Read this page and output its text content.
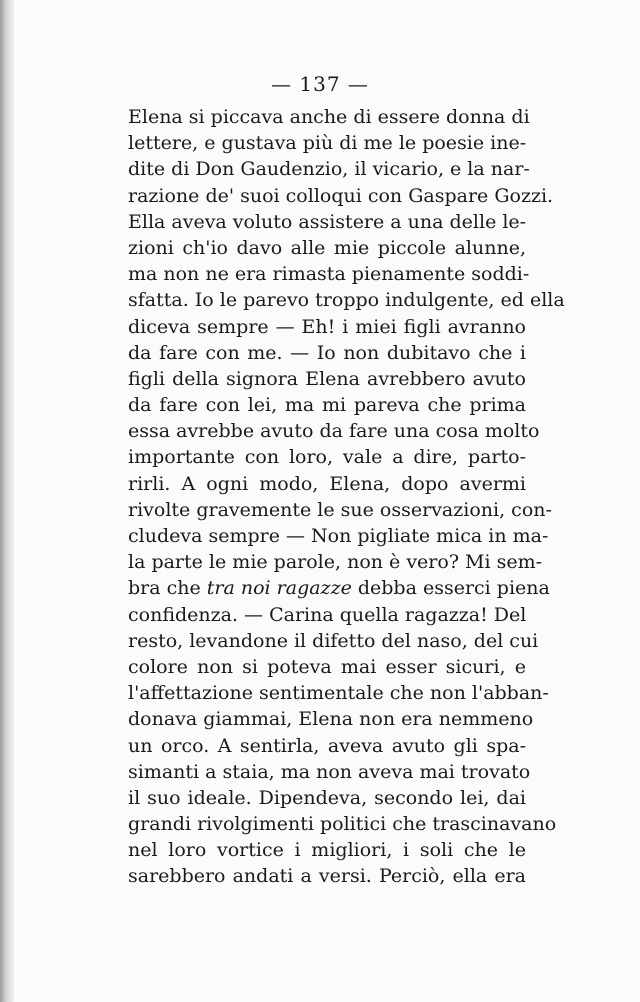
— 137 —
Elena si piccava anche di essere donna di
lettere, e gustava più di me le poesie ine-
dite di Don Gaudenzio, il vicario, e la nar-
razione de' suoi colloqui con Gaspare Gozzi.
Ella aveva voluto assistere a una delle le-
zioni ch'io davo alle mie piccole alunne,
ma non ne era rimasta pienamente soddi-
sfatta. Io le parevo troppo indulgente, ed ella
diceva sempre — Eh! i miei figli avranno
da fare con me. — Io non dubitavo che i
figli della signora Elena avrebbero avuto
da fare con lei, ma mi pareva che prima
essa avrebbe avuto da fare una cosa molto
importante con loro, vale a dire, parto-
rirli. A ogni modo, Elena, dopo avermi
rivolte gravemente le sue osservazioni, con-
cludeva sempre — Non pigliate mica in ma-
la parte le mie parole, non è vero? Mi sem-
bra che tra noi ragazze debba esserci piena
confidenza. — Carina quella ragazza! Del
resto, levandone il difetto del naso, del cui
colore non si poteva mai esser sicuri, e
l'affettazione sentimentale che non l'abban-
donava giammai, Elena non era nemmeno
un orco. A sentirla, aveva avuto gli spa-
simanti a staia, ma non aveva mai trovato
il suo ideale. Dipendeva, secondo lei, dai
grandi rivolgimenti politici che trascinavano
nel loro vortice i migliori, i soli che le
sarebbero andati a versi. Perciò, ella era
